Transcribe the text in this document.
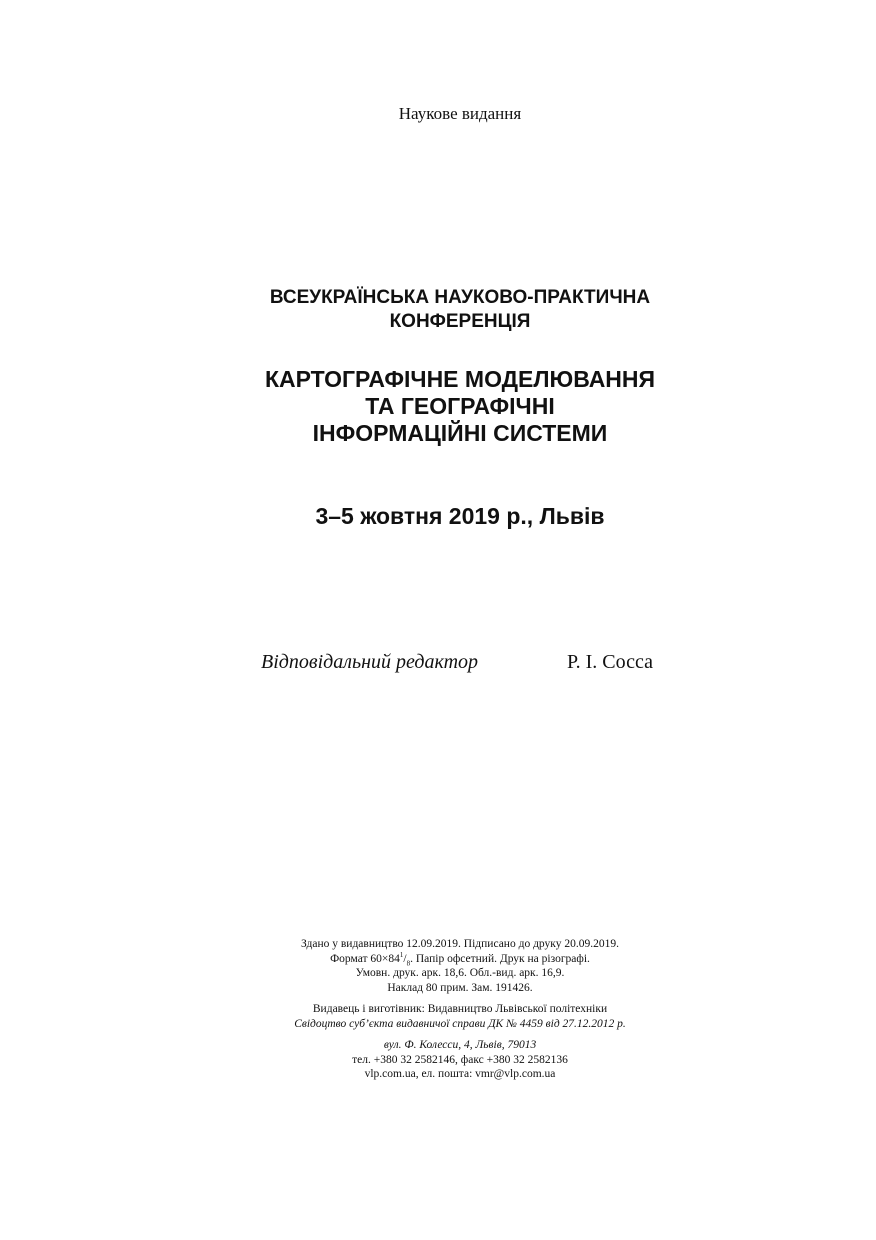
Наукове видання
ВСЕУКРАЇНСЬКА НАУКОВО-ПРАКТИЧНА
КОНФЕРЕНЦІЯ
КАРТОГРАФІЧНЕ МОДЕЛЮВАННЯ
ТА ГЕОГРАФІЧНІ
ІНФОРМАЦІЙНІ СИСТЕМИ
3–5 жовтня 2019 р., Львів
Відповідальний редактор	Р. І. Сосса
Здано у видавництво 12.09.2019. Підписано до друку 20.09.2019.
Формат $60\times 84^1/_8$. Папір офсетний. Друк на різографі.
Умовн. друк. арк. 18,6. Обл.-вид. арк. 16,9.
Наклад 80 прим. Зам. 191426.
Видавець і виготівник: Видавництво Львівської політехніки
Свідоцтво суб’єкта видавничої справи ДК № 4459 від 27.12.2012 р.
вул. Ф. Колесси, 4, Львів, 79013
тел. +380 32 2582146, факс +380 32 2582136
vlp.com.ua, ел. пошта: vmr@vlp.com.ua
